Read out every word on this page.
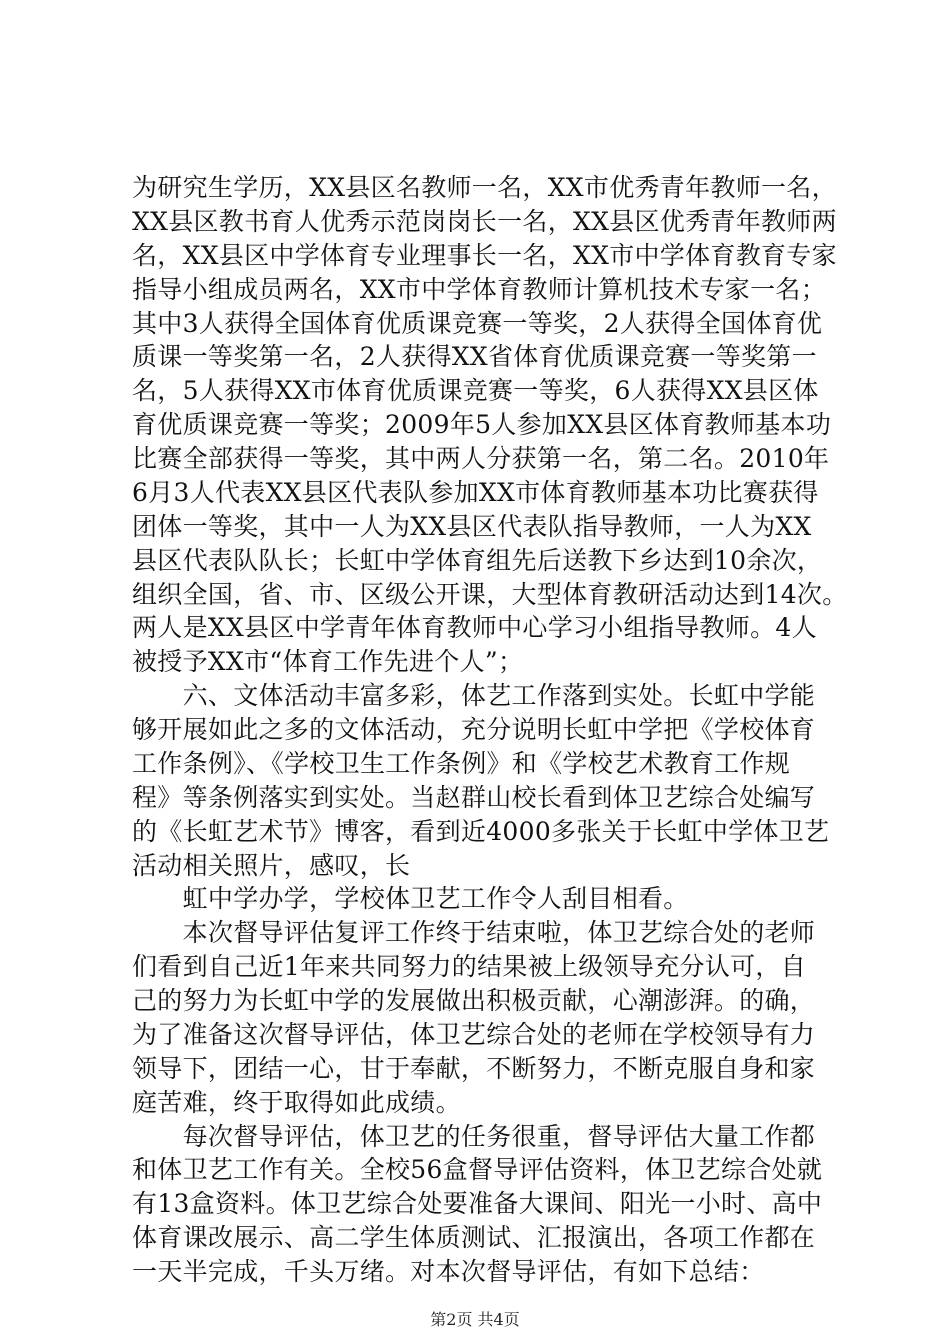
为研究生学历，XX县区名教师一名，XX市优秀青年教师一名，
XX县区教书育人优秀示范岗岗长一名，XX县区优秀青年教师两
名，XX县区中学体育专业理事长一名，XX市中学体育教育专家
指导小组成员两名，XX市中学体育教师计算机技术专家一名；
其中3人获得全国体育优质课竞赛一等奖，2人获得全国体育优
质课一等奖第一名，2人获得XX省体育优质课竞赛一等奖第一
名，5人获得XX市体育优质课竞赛一等奖，6人获得XX县区体
育优质课竞赛一等奖；2009年5人参加XX县区体育教师基本功
比赛全部获得一等奖，其中两人分获第一名，第二名。2010年
6月3人代表XX县区代表队参加XX市体育教师基本功比赛获得
团体一等奖，其中一人为XX县区代表队指导教师，一人为XX
县区代表队队长；长虹中学体育组先后送教下乡达到10余次，
组织全国，省、市、区级公开课，大型体育教研活动达到14次。
两人是XX县区中学青年体育教师中心学习小组指导教师。4人
被授予XX市“体育工作先进个人”；
　　六、文体活动丰富多彩，体艺工作落到实处。长虹中学能
够开展如此之多的文体活动，充分说明长虹中学把《学校体育
工作条例》、《学校卫生工作条例》和《学校艺术教育工作规
程》等条例落实到实处。当赵群山校长看到体卫艺综合处编写
的《长虹艺术节》博客，看到近4000多张关于长虹中学体卫艺
活动相关照片，感叹，长
　　虹中学办学，学校体卫艺工作令人刮目相看。
　　本次督导评估复评工作终于结束啦，体卫艺综合处的老师
们看到自己近1年来共同努力的结果被上级领导充分认可，自
己的努力为长虹中学的发展做出积极贡献，心潮澎湃。的确，
为了准备这次督导评估，体卫艺综合处的老师在学校领导有力
领导下，团结一心，甘于奉献，不断努力，不断克服自身和家
庭苦难，终于取得如此成绩。
　　每次督导评估，体卫艺的任务很重，督导评估大量工作都
和体卫艺工作有关。全校56盒督导评估资料，体卫艺综合处就
有13盒资料。体卫艺综合处要准备大课间、阳光一小时、高中
体育课改展示、高二学生体质测试、汇报演出，各项工作都在
第2页 共4页
一天半完成，千头万绪。对本次督导评估，有如下总结：
